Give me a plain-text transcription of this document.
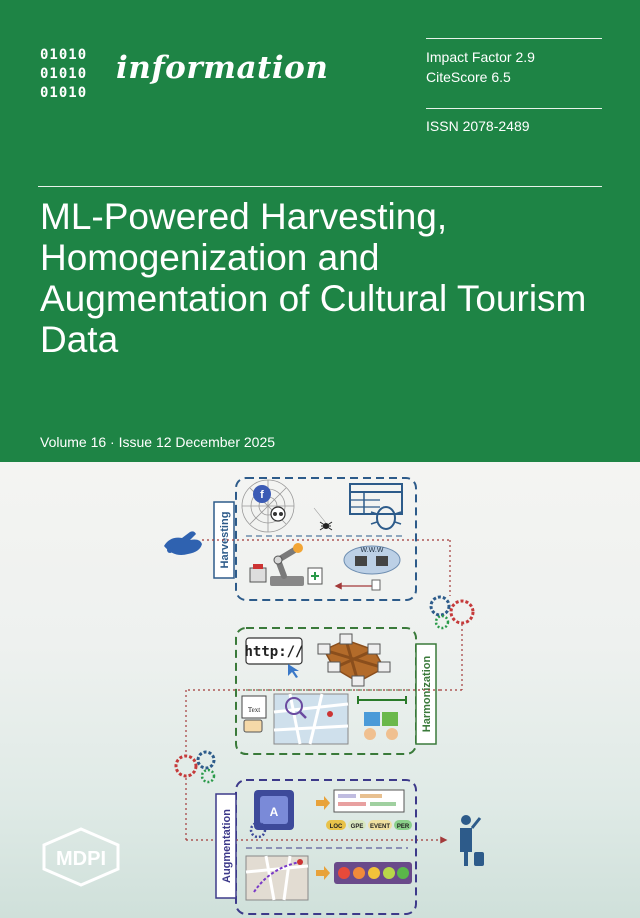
01010
01010
01010
information	Impact Factor 2.9
CiteScore 6.5
ISSN 2078-2489
ML-Powered Harvesting, Homogenization and Augmentation of Cultural Tourism Data
Volume 16 · Issue 12 December 2025
Harvesting
f
W.W.W
Harmonization
http://
Text
Augmentation	A
LOC GPE EVENT PER
MDPI
